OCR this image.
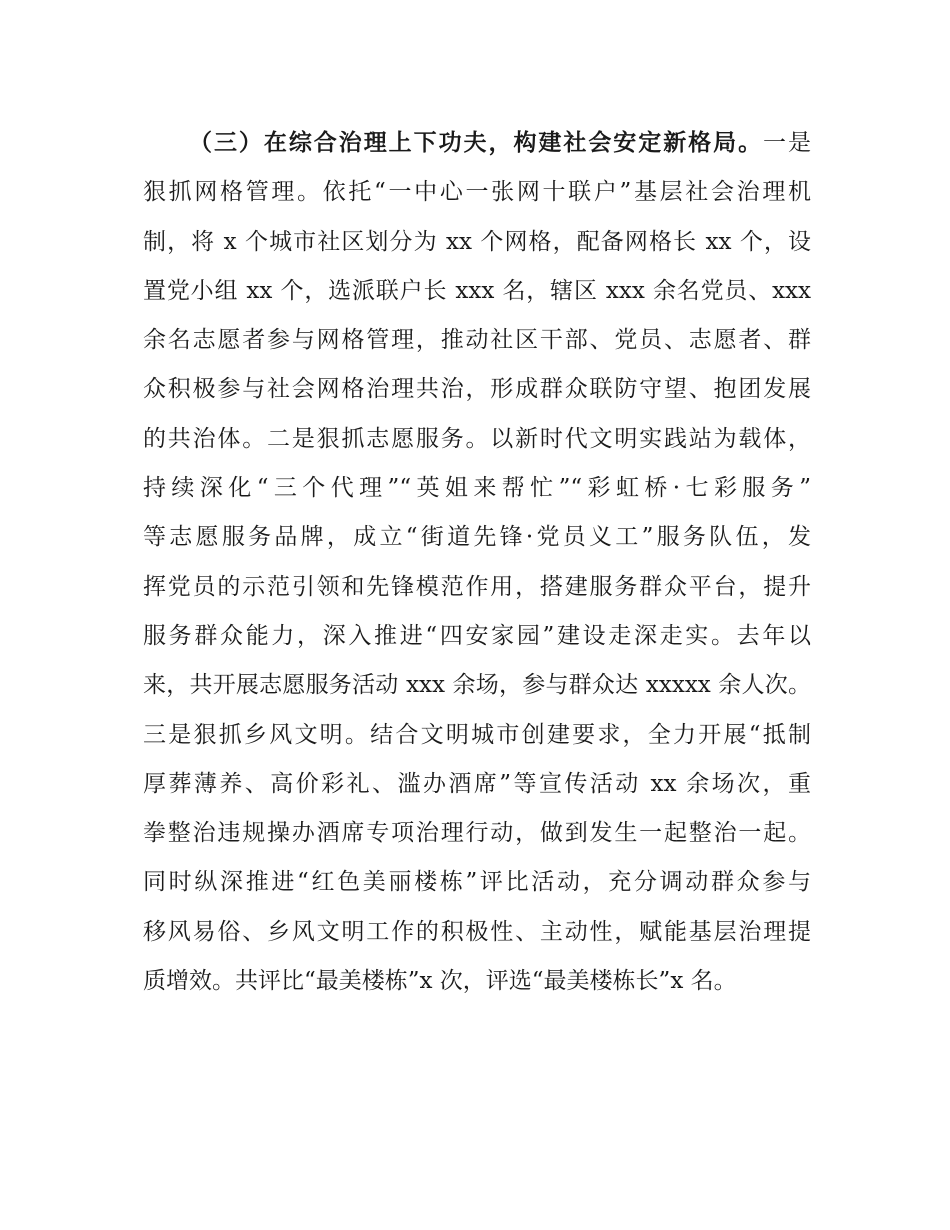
（三）在综合治理上下功夫，构建社会安定新格局。一是
狠抓网格管理。依托“一中心一张网十联户”基层社会治理机
制，将 x 个城市社区划分为 xx 个网格，配备网格长 xx 个，设
置党小组 xx 个，选派联户长 xxx 名，辖区 xxx 余名党员、xxx
余名志愿者参与网格管理，推动社区干部、党员、志愿者、群
众积极参与社会网格治理共治，形成群众联防守望、抱团发展
的共治体。二是狠抓志愿服务。以新时代文明实践站为载体，
持续深化“三个代理”“英姐来帮忙”“彩虹桥·七彩服务”
等志愿服务品牌，成立“街道先锋·党员义工”服务队伍，发
挥党员的示范引领和先锋模范作用，搭建服务群众平台，提升
服务群众能力，深入推进“四安家园”建设走深走实。去年以
来，共开展志愿服务活动 xxx 余场，参与群众达 xxxxx 余人次。
三是狠抓乡风文明。结合文明城市创建要求，全力开展“抵制
厚葬薄养、高价彩礼、滥办酒席”等宣传活动 xx 余场次，重
拳整治违规操办酒席专项治理行动，做到发生一起整治一起。
同时纵深推进“红色美丽楼栋”评比活动，充分调动群众参与
移风易俗、乡风文明工作的积极性、主动性，赋能基层治理提
质增效。共评比“最美楼栋”x 次，评选“最美楼栋长”x 名。
